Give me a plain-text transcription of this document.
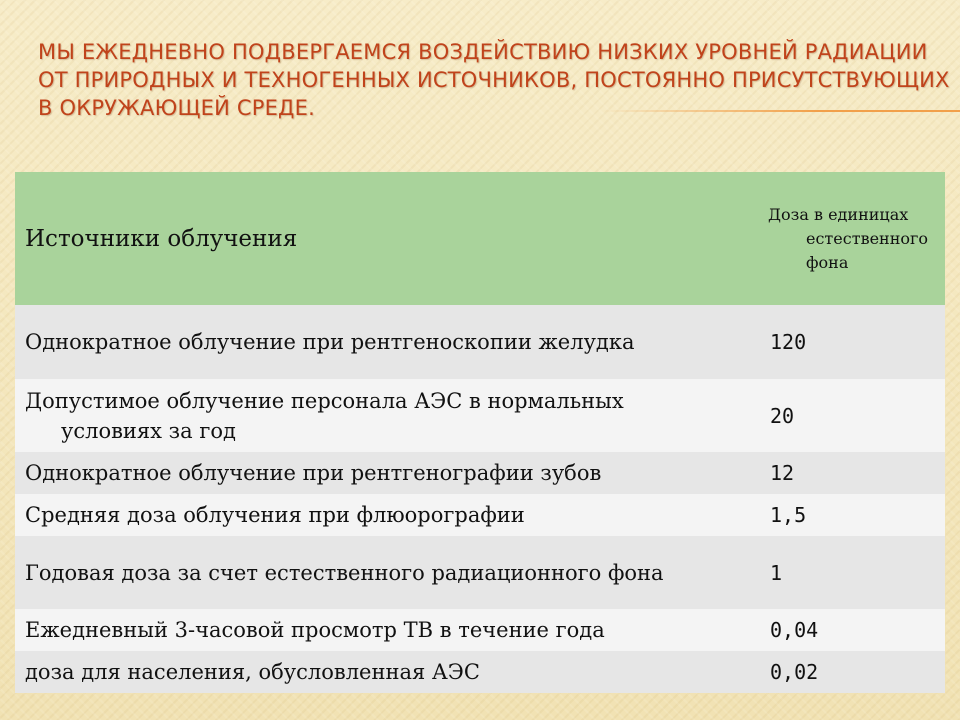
МЫ ЕЖЕДНЕВНО ПОДВЕРГАЕМСЯ ВОЗДЕЙСТВИЮ НИЗКИХ УРОВНЕЙ РАДИАЦИИ
ОТ ПРИРОДНЫХ И ТЕХНОГЕННЫХ ИСТОЧНИКОВ, ПОСТОЯННО ПРИСУТСТВУЮЩИХ
В ОКРУЖАЮЩЕЙ СРЕДЕ.
Источники облучения	Доза в единицах
естественного
фона

Однократное облучение при рентгеноскопии желудка	120
Допустимое облучение персонала АЭС в нормальных
условиях за год	20
Однократное облучение при рентгенографии зубов	12
Средняя доза облучения при флюорографии	1,5
Годовая доза за счет естественного радиационного фона	1
Ежедневный 3-часовой просмотр ТВ в течение года	0,04
доза для населения, обусловленная АЭС	0,02
